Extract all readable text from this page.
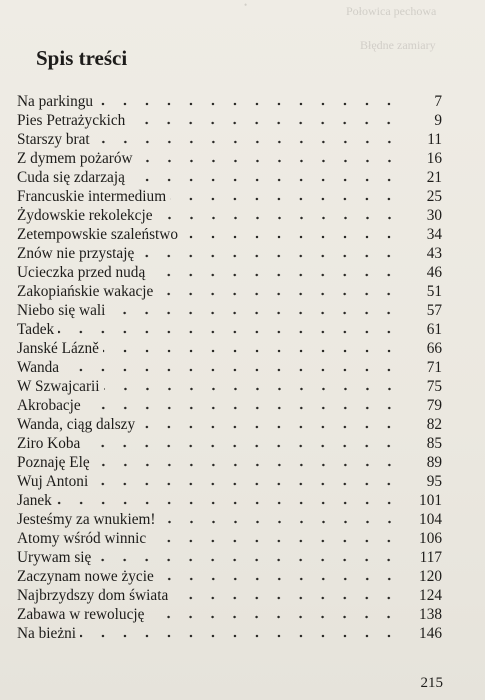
Połowica pechowa
Błędne zamiary
•
Spis treści
Na parkingu	7
Pies Petrażyckich	9
Starszy brat	11
Z dymem pożarów	16
Cuda się zdarzają	21
Francuskie intermedium	25
Żydowskie rekolekcje	30
Zetempowskie szaleństwo	34
Znów nie przystaję	43
Ucieczka przed nudą	46
Zakopiańskie wakacje	51
Niebo się wali	57
Tadek	61
Janské Lázně	66
Wanda	71
W Szwajcarii	75
Akrobacje	79
Wanda, ciąg dalszy	82
Ziro Koba	85
Poznaję Elę	89
Wuj Antoni	95
Janek	101
Jesteśmy za wnukiem!	104
Atomy wśród winnic	106
Urywam się	117
Zaczynam nowe życie	120
Najbrzydszy dom świata	124
Zabawa w rewolucję	138
Na bieżni	146
215
